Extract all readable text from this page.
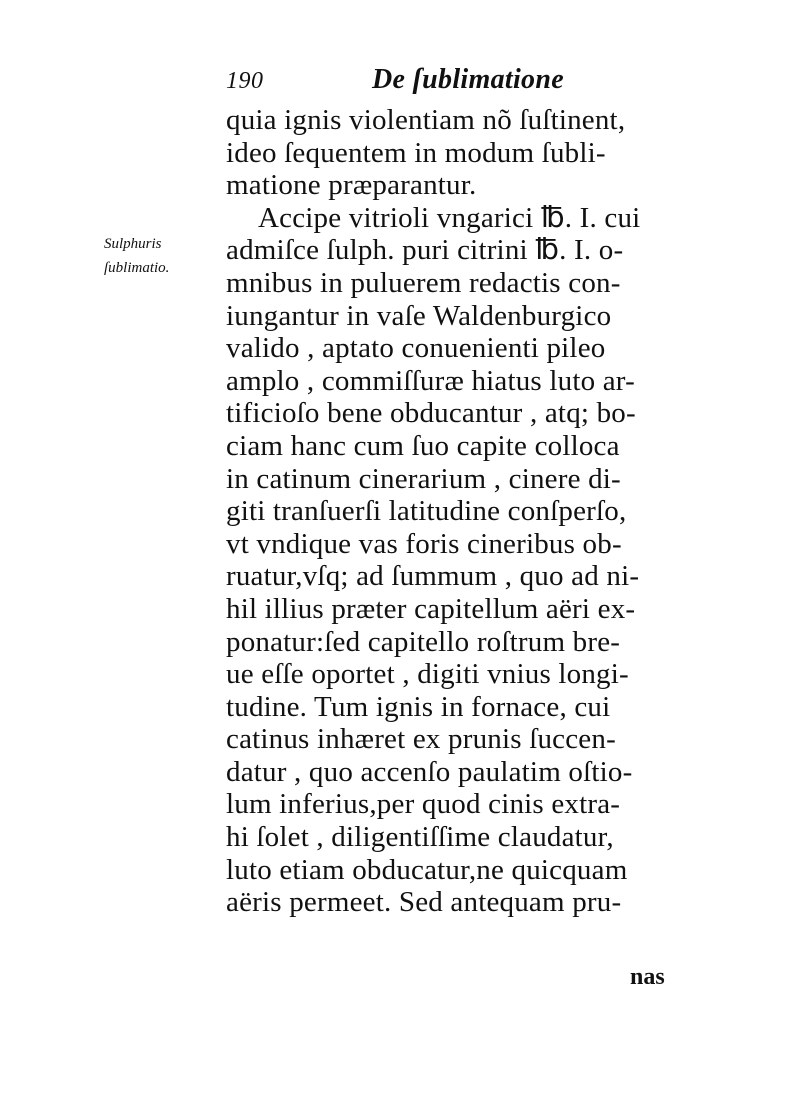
190	De ſublimatione
Sulphuris
ſublimatio.
quia ignis violentiam nõ ſuſtinent,
ideo ſequentem in modum ſubli-
matione præparantur.
Accipe vitrioli vngarici ℔. I. cui
admiſce ſulph. puri citrini ℔. I. o-
mnibus in puluerem redactis con-
iungantur in vaſe Waldenburgico
valido , aptato conuenienti pileo
amplo , commiſſuræ hiatus luto ar-
tificioſo bene obducantur , atq; bo-
ciam hanc cum ſuo capite colloca
in catinum cinerarium , cinere di-
giti tranſuerſi latitudine conſperſo,
vt vndique vas foris cineribus ob-
ruatur,vſq; ad ſummum , quo ad ni-
hil illius præter capitellum aëri ex-
ponatur:ſed capitello roſtrum bre-
ue eſſe oportet , digiti vnius longi-
tudine. Tum ignis in fornace, cui
catinus inhæret ex prunis ſuccen-
datur , quo accenſo paulatim oſtio-
lum inferius,per quod cinis extra-
hi ſolet , diligentiſſime claudatur,
luto etiam obducatur,ne quicquam
aëris permeet. Sed antequam pru-
nas
